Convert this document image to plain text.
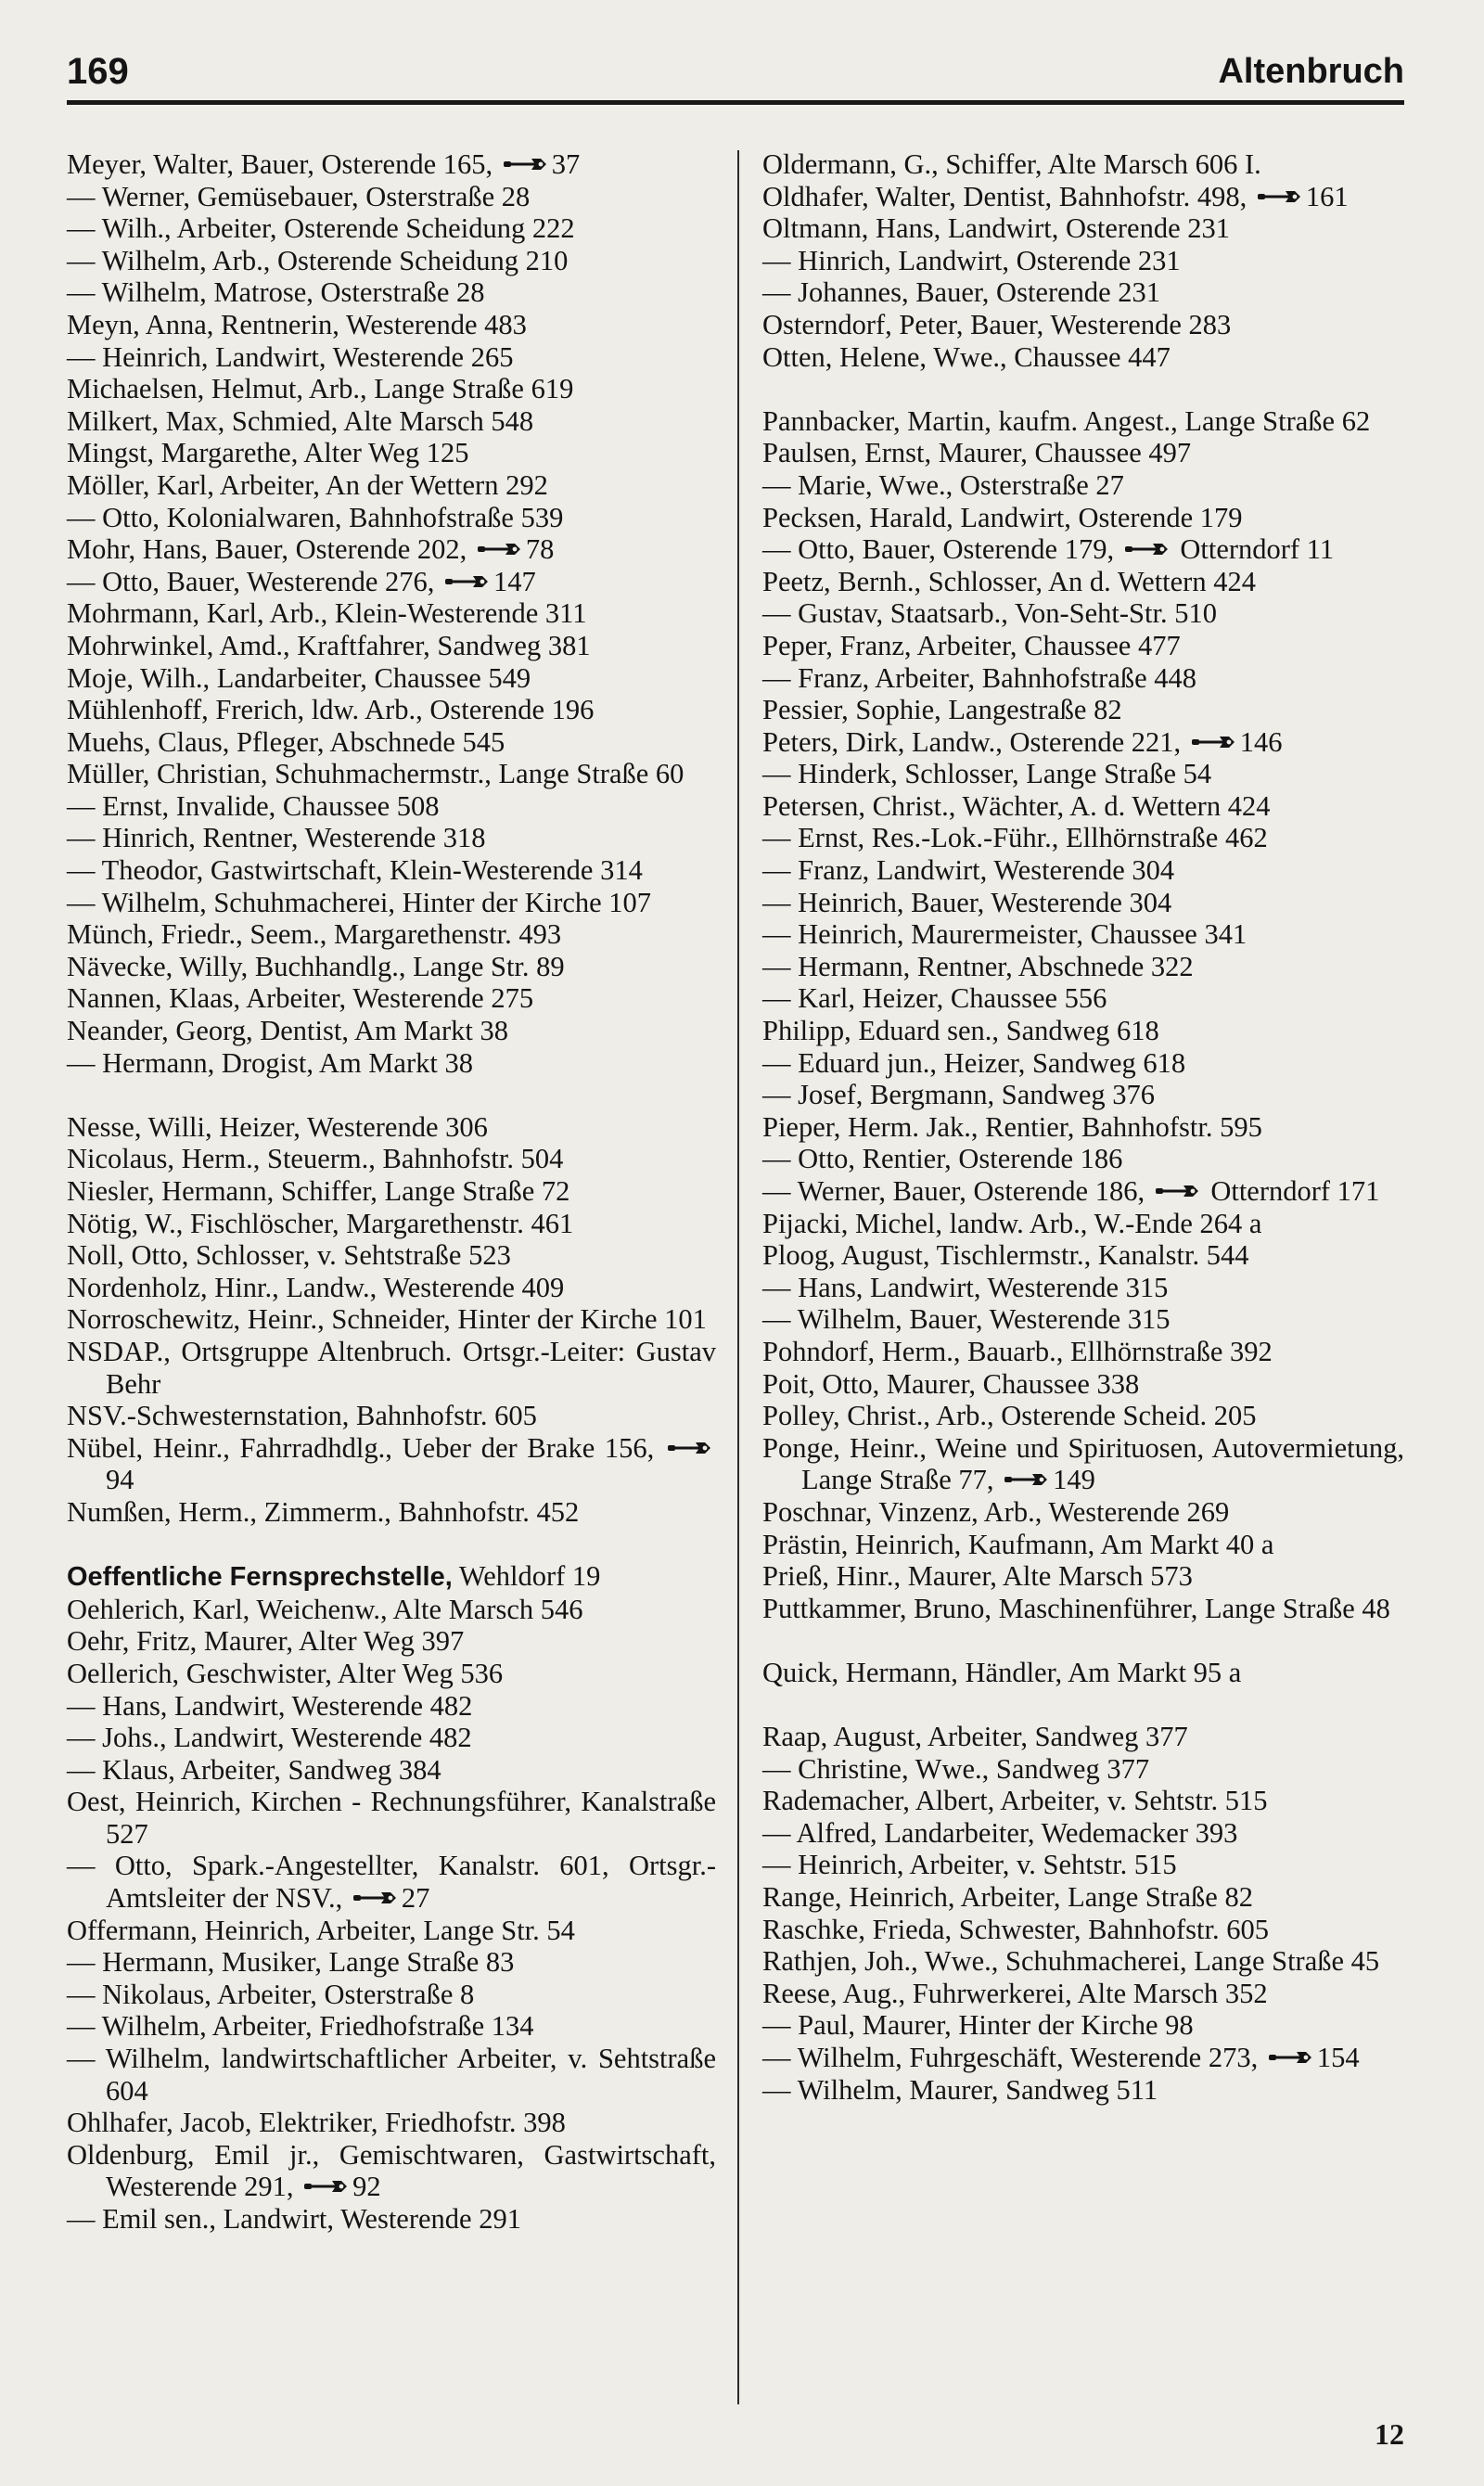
169	Altenbruch
Meyer, Walter, Bauer, Osterende 165, 37
— Werner, Gemüsebauer, Osterstraße 28
— Wilh., Arbeiter, Osterende Scheidung 222
— Wilhelm, Arb., Osterende Scheidung 210
— Wilhelm, Matrose, Osterstraße 28
Meyn, Anna, Rentnerin, Westerende 483
— Heinrich, Landwirt, Westerende 265
Michaelsen, Helmut, Arb., Lange Straße 619
Milkert, Max, Schmied, Alte Marsch 548
Mingst, Margarethe, Alter Weg 125
Möller, Karl, Arbeiter, An der Wettern 292
— Otto, Kolonialwaren, Bahnhofstraße 539
Mohr, Hans, Bauer, Osterende 202, 78
— Otto, Bauer, Westerende 276, 147
Mohrmann, Karl, Arb., Klein-Westerende 311
Mohrwinkel, Amd., Kraftfahrer, Sandweg 381
Moje, Wilh., Landarbeiter, Chaussee 549
Mühlenhoff, Frerich, ldw. Arb., Osterende 196
Muehs, Claus, Pfleger, Abschnede 545
Müller, Christian, Schuhmachermstr., Lange Straße 60
— Ernst, Invalide, Chaussee 508
— Hinrich, Rentner, Westerende 318
— Theodor, Gastwirtschaft, Klein-Westerende 314
— Wilhelm, Schuhmacherei, Hinter der Kirche 107
Münch, Friedr., Seem., Margarethenstr. 493
Nävecke, Willy, Buchhandlg., Lange Str. 89
Nannen, Klaas, Arbeiter, Westerende 275
Neander, Georg, Dentist, Am Markt 38
— Hermann, Drogist, Am Markt 38
Nesse, Willi, Heizer, Westerende 306
Nicolaus, Herm., Steuerm., Bahnhofstr. 504
Niesler, Hermann, Schiffer, Lange Straße 72
Nötig, W., Fischlöscher, Margarethenstr. 461
Noll, Otto, Schlosser, v. Sehtstraße 523
Nordenholz, Hinr., Landw., Westerende 409
Norroschewitz, Heinr., Schneider, Hinter der Kirche 101
NSDAP., Ortsgruppe Altenbruch. Ortsgr.-Leiter: Gustav Behr
NSV.-Schwesternstation, Bahnhofstr. 605
Nübel, Heinr., Fahrradhdlg., Ueber der Brake 156,
94
Numßen, Herm., Zimmerm., Bahnhofstr. 452
Oeffentliche Fernsprechstelle, Wehldorf 19
Oehlerich, Karl, Weichenw., Alte Marsch 546
Oehr, Fritz, Maurer, Alter Weg 397
Oellerich, Geschwister, Alter Weg 536
— Hans, Landwirt, Westerende 482
— Johs., Landwirt, Westerende 482
— Klaus, Arbeiter, Sandweg 384
Oest, Heinrich, Kirchen - Rechnungsführer, Kanalstraße 527
— Otto, Spark.-Angestellter, Kanalstr. 601, Ortsgr.-Amtsleiter der NSV., 27
Offermann, Heinrich, Arbeiter, Lange Str. 54
— Hermann, Musiker, Lange Straße 83
— Nikolaus, Arbeiter, Osterstraße 8
— Wilhelm, Arbeiter, Friedhofstraße 134
— Wilhelm, landwirtschaftlicher Arbeiter, v. Sehtstraße 604
Ohlhafer, Jacob, Elektriker, Friedhofstr. 398
Oldenburg, Emil jr., Gemischtwaren, Gastwirtschaft, Westerende 291, 92
— Emil sen., Landwirt, Westerende 291
Oldermann, G., Schiffer, Alte Marsch 606 I.
Oldhafer, Walter, Dentist, Bahnhofstr. 498, 161
Oltmann, Hans, Landwirt, Osterende 231
— Hinrich, Landwirt, Osterende 231
— Johannes, Bauer, Osterende 231
Osterndorf, Peter, Bauer, Westerende 283
Otten, Helene, Wwe., Chaussee 447
Pannbacker, Martin, kaufm. Angest., Lange Straße 62
Paulsen, Ernst, Maurer, Chaussee 497
— Marie, Wwe., Osterstraße 27
Pecksen, Harald, Landwirt, Osterende 179
— Otto, Bauer, Osterende 179,
Otterndorf 11
Peetz, Bernh., Schlosser, An d. Wettern 424
— Gustav, Staatsarb., Von-Seht-Str. 510
Peper, Franz, Arbeiter, Chaussee 477
— Franz, Arbeiter, Bahnhofstraße 448
Pessier, Sophie, Langestraße 82
Peters, Dirk, Landw., Osterende 221, 146
— Hinderk, Schlosser, Lange Straße 54
Petersen, Christ., Wächter, A. d. Wettern 424
— Ernst, Res.-Lok.-Führ., Ellhörnstraße 462
— Franz, Landwirt, Westerende 304
— Heinrich, Bauer, Westerende 304
— Heinrich, Maurermeister, Chaussee 341
— Hermann, Rentner, Abschnede 322
— Karl, Heizer, Chaussee 556
Philipp, Eduard sen., Sandweg 618
— Eduard jun., Heizer, Sandweg 618
— Josef, Bergmann, Sandweg 376
Pieper, Herm. Jak., Rentier, Bahnhofstr. 595
— Otto, Rentier, Osterende 186
— Werner, Bauer, Osterende 186,
Otterndorf 171
Pijacki, Michel, landw. Arb., W.-Ende 264 a
Ploog, August, Tischlermstr., Kanalstr. 544
— Hans, Landwirt, Westerende 315
— Wilhelm, Bauer, Westerende 315
Pohndorf, Herm., Bauarb., Ellhörnstraße 392
Poit, Otto, Maurer, Chaussee 338
Polley, Christ., Arb., Osterende Scheid. 205
Ponge, Heinr., Weine und Spirituosen, Autovermietung, Lange Straße 77, 149
Poschnar, Vinzenz, Arb., Westerende 269
Prästin, Heinrich, Kaufmann, Am Markt 40 a
Prieß, Hinr., Maurer, Alte Marsch 573
Puttkammer, Bruno, Maschinenführer, Lange Straße 48
Quick, Hermann, Händler, Am Markt 95 a
Raap, August, Arbeiter, Sandweg 377
— Christine, Wwe., Sandweg 377
Rademacher, Albert, Arbeiter, v. Sehtstr. 515
— Alfred, Landarbeiter, Wedemacker 393
— Heinrich, Arbeiter, v. Sehtstr. 515
Range, Heinrich, Arbeiter, Lange Straße 82
Raschke, Frieda, Schwester, Bahnhofstr. 605
Rathjen, Joh., Wwe., Schuhmacherei, Lange Straße 45
Reese, Aug., Fuhrwerkerei, Alte Marsch 352
— Paul, Maurer, Hinter der Kirche 98
— Wilhelm, Fuhrgeschäft, Westerende 273, 154
— Wilhelm, Maurer, Sandweg 511
12
